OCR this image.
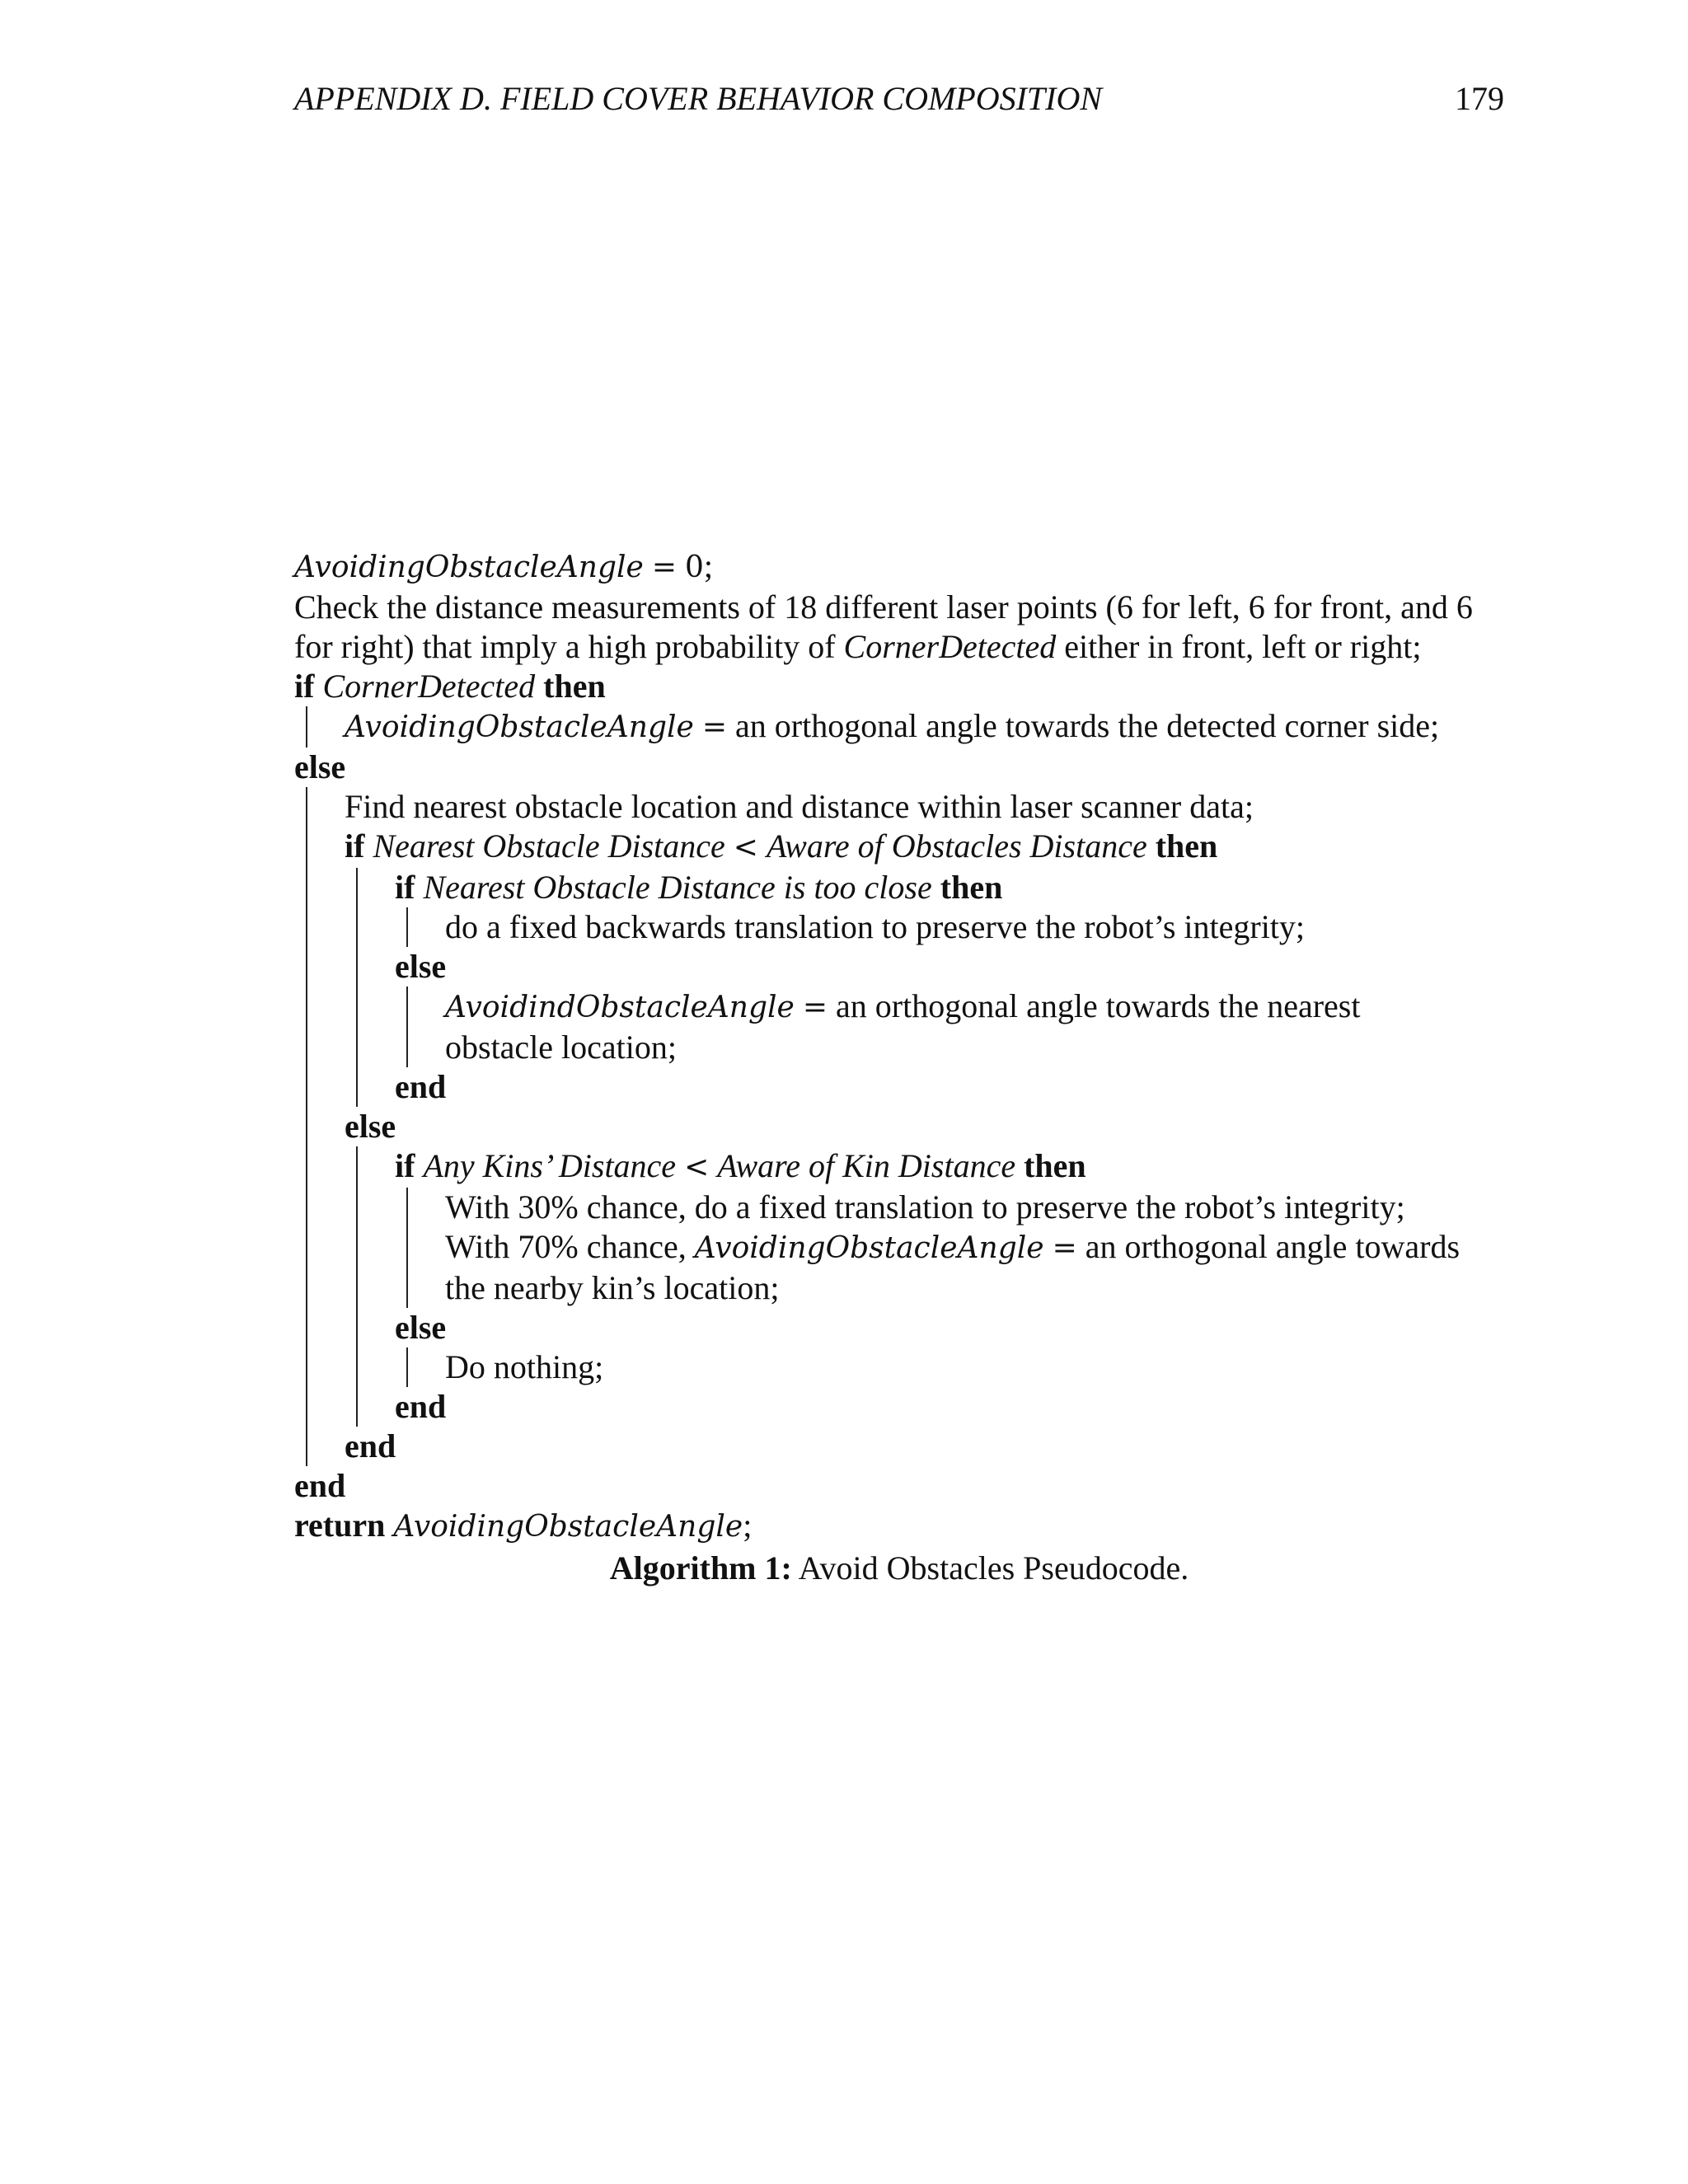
APPENDIX D. FIELD COVER BEHAVIOR COMPOSITION	179
AvoidingObstacleAngle = 0;
Check the distance measurements of 18 different laser points (6 for left, 6 for front, and 6 for right) that imply a high probability of CornerDetected either in front, left or right;
if CornerDetected then
AvoidingObstacleAngle = an orthogonal angle towards the detected corner side;
else
Find nearest obstacle location and distance within laser scanner data;
if Nearest Obstacle Distance < Aware of Obstacles Distance then
if Nearest Obstacle Distance is too close then
do a fixed backwards translation to preserve the robot’s integrity;
else
AvoidindObstacleAngle = an orthogonal angle towards the nearest obstacle location;
end
else
if Any Kins’ Distance < Aware of Kin Distance then
With 30% chance, do a fixed translation to preserve the robot’s integrity;
With 70% chance, AvoidingObstacleAngle = an orthogonal angle towards the nearby kin’s location;
else
Do nothing;
end
end
end
return AvoidingObstacleAngle;
Algorithm 1: Avoid Obstacles Pseudocode.
